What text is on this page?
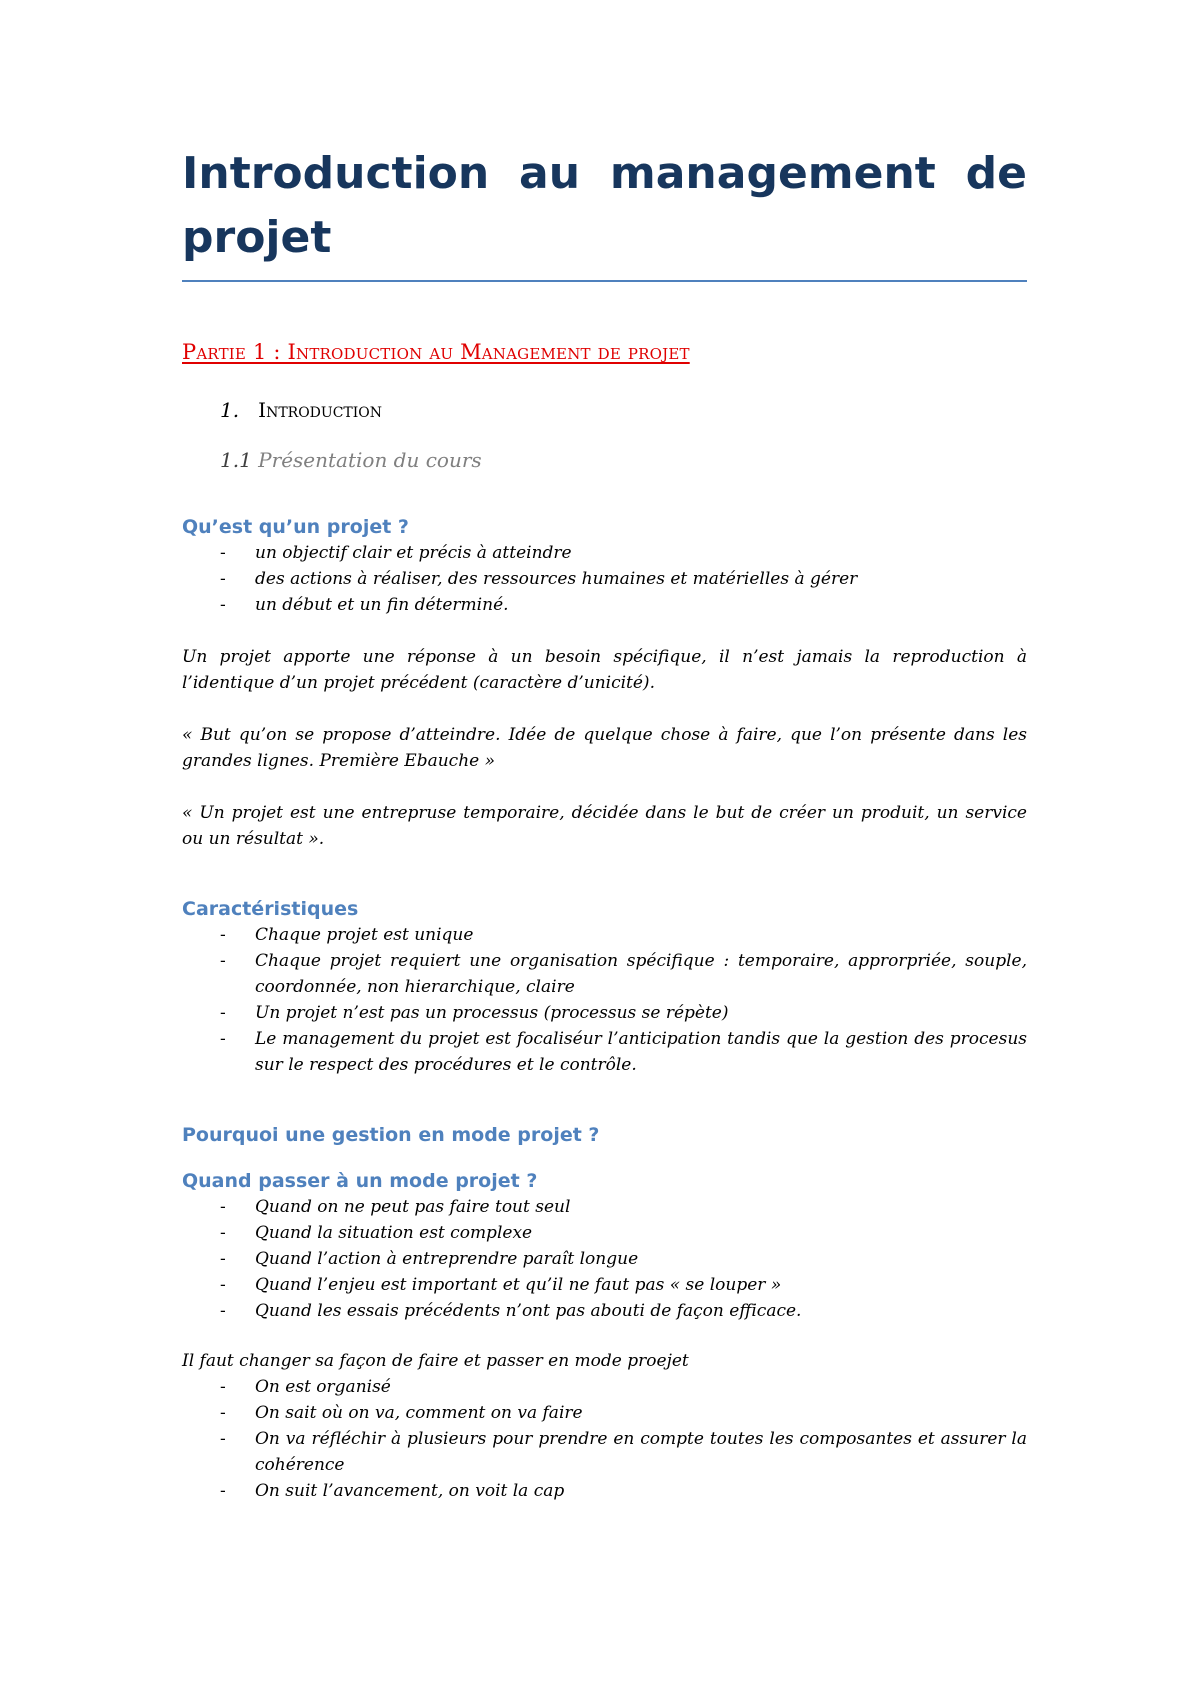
Introduction au management de projet
Partie 1 : Introduction au Management de projet
1. Introduction
1.1 Présentation du cours
Qu’est qu’un projet ?
- un objectif clair et précis à atteindre
- des actions à réaliser, des ressources humaines et matérielles à gérer
- un début et un fin déterminé.

Un projet apporte une réponse à un besoin spécifique, il n’est jamais la reproduction à l’identique d’un projet précédent (caractère d’unicité).

« But qu’on se propose d’atteindre. Idée de quelque chose à faire, que l’on présente dans les grandes lignes. Première Ebauche »

« Un projet est une entrepruse temporaire, décidée dans le but de créer un produit, un service ou un résultat ».

Caractéristiques
- Chaque projet est unique
- Chaque projet requiert une organisation spécifique : temporaire, approrpriée, souple, coordonnée, non hierarchique, claire
- Un projet n’est pas un processus (processus se répète)
- Le management du projet est focaliséur l’anticipation tandis que la gestion des procesus sur le respect des procédures et le contrôle.
Pourquoi une gestion en mode projet ?
Quand passer à un mode projet ?
- Quand on ne peut pas faire tout seul
- Quand la situation est complexe
- Quand l’action à entreprendre paraît longue
- Quand l’enjeu est important et qu’il ne faut pas « se louper »
- Quand les essais précédents n’ont pas abouti de façon efficace.

Il faut changer sa façon de faire et passer en mode proejet

- On est organisé
- On sait où on va, comment on va faire
- On va réfléchir à plusieurs pour prendre en compte toutes les composantes et assurer la cohérence
- On suit l’avancement, on voit la cap
